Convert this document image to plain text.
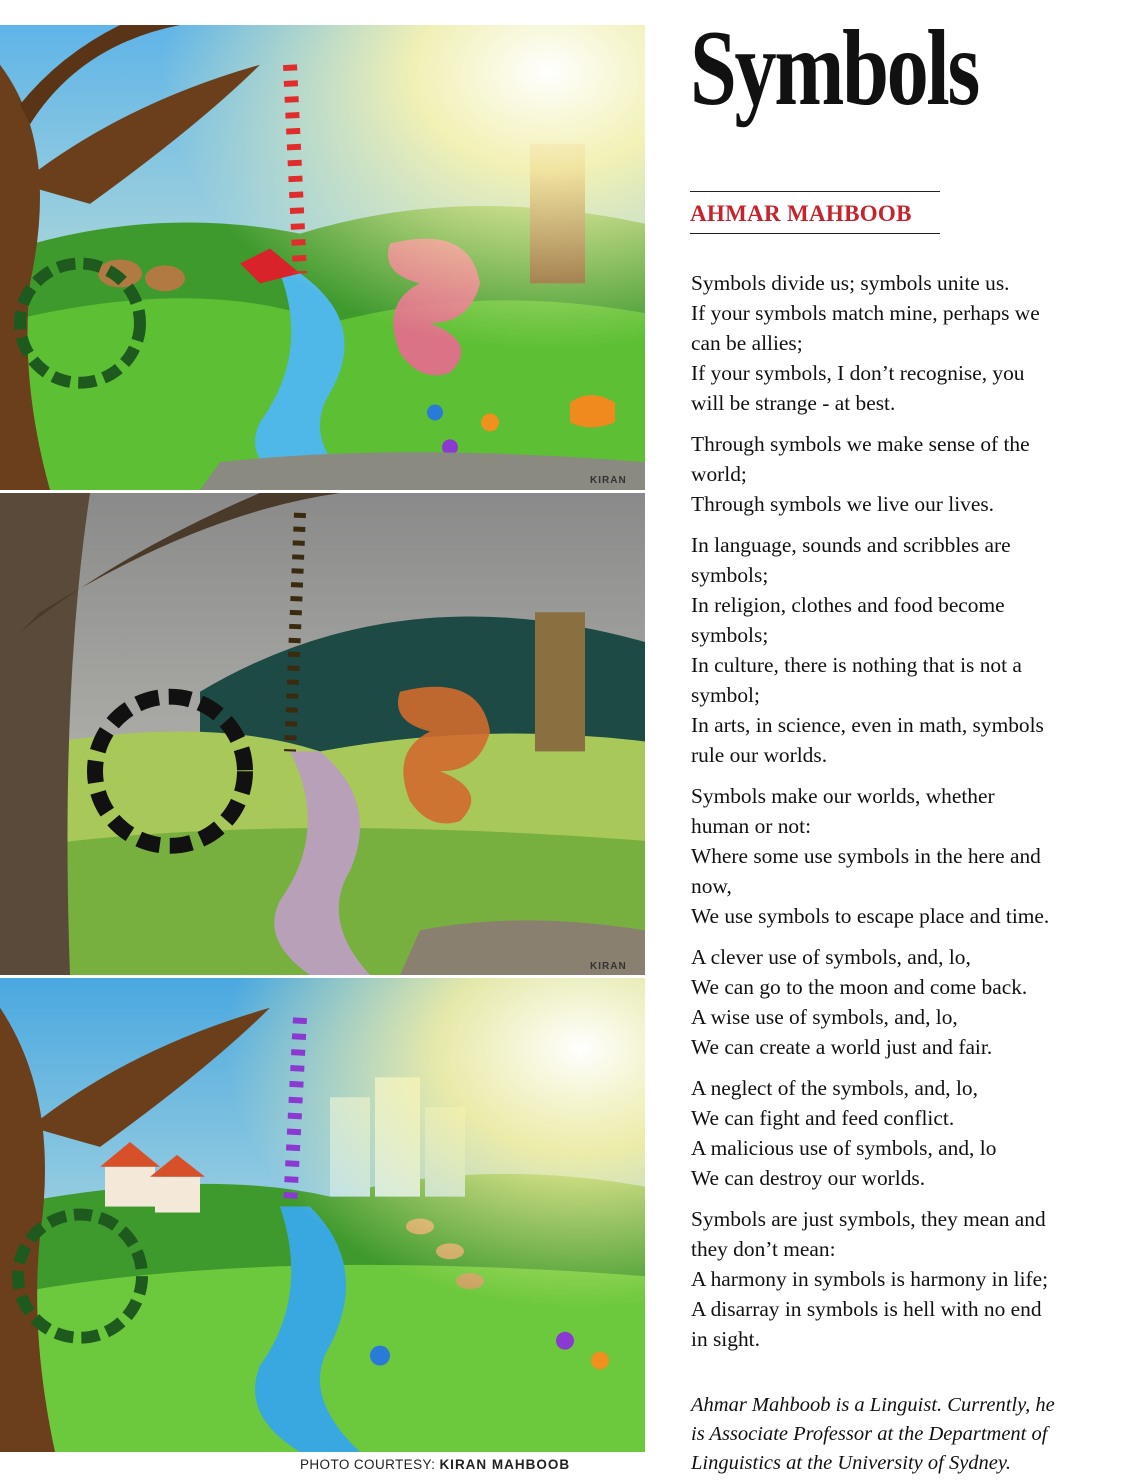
KIRAN
KIRAN
PHOTO COURTESY: KIRAN MAHBOOB
Symbols
AHMAR MAHBOOB
Symbols divide us; symbols unite us.
If your symbols match mine, perhaps we
can be allies;
If your symbols, I don’t recognise, you
will be strange - at best.
Through symbols we make sense of the
world;
Through symbols we live our lives.
In language, sounds and scribbles are
symbols;
In religion, clothes and food become
symbols;
In culture, there is nothing that is not a
symbol;
In arts, in science, even in math, symbols
rule our worlds.
Symbols make our worlds, whether
human or not:
Where some use symbols in the here and
now,
We use symbols to escape place and time.
A clever use of symbols, and, lo,
We can go to the moon and come back.
A wise use of symbols, and, lo,
We can create a world just and fair.
A neglect of the symbols, and, lo,
We can fight and feed conflict.
A malicious use of symbols, and, lo
We can destroy our worlds.
Symbols are just symbols, they mean and
they don’t mean:
A harmony in symbols is harmony in life;
A disarray in symbols is hell with no end
in sight.
Ahmar Mahboob is a Linguist. Currently, he
is Associate Professor at the Department of
Linguistics at the University of Sydney.
